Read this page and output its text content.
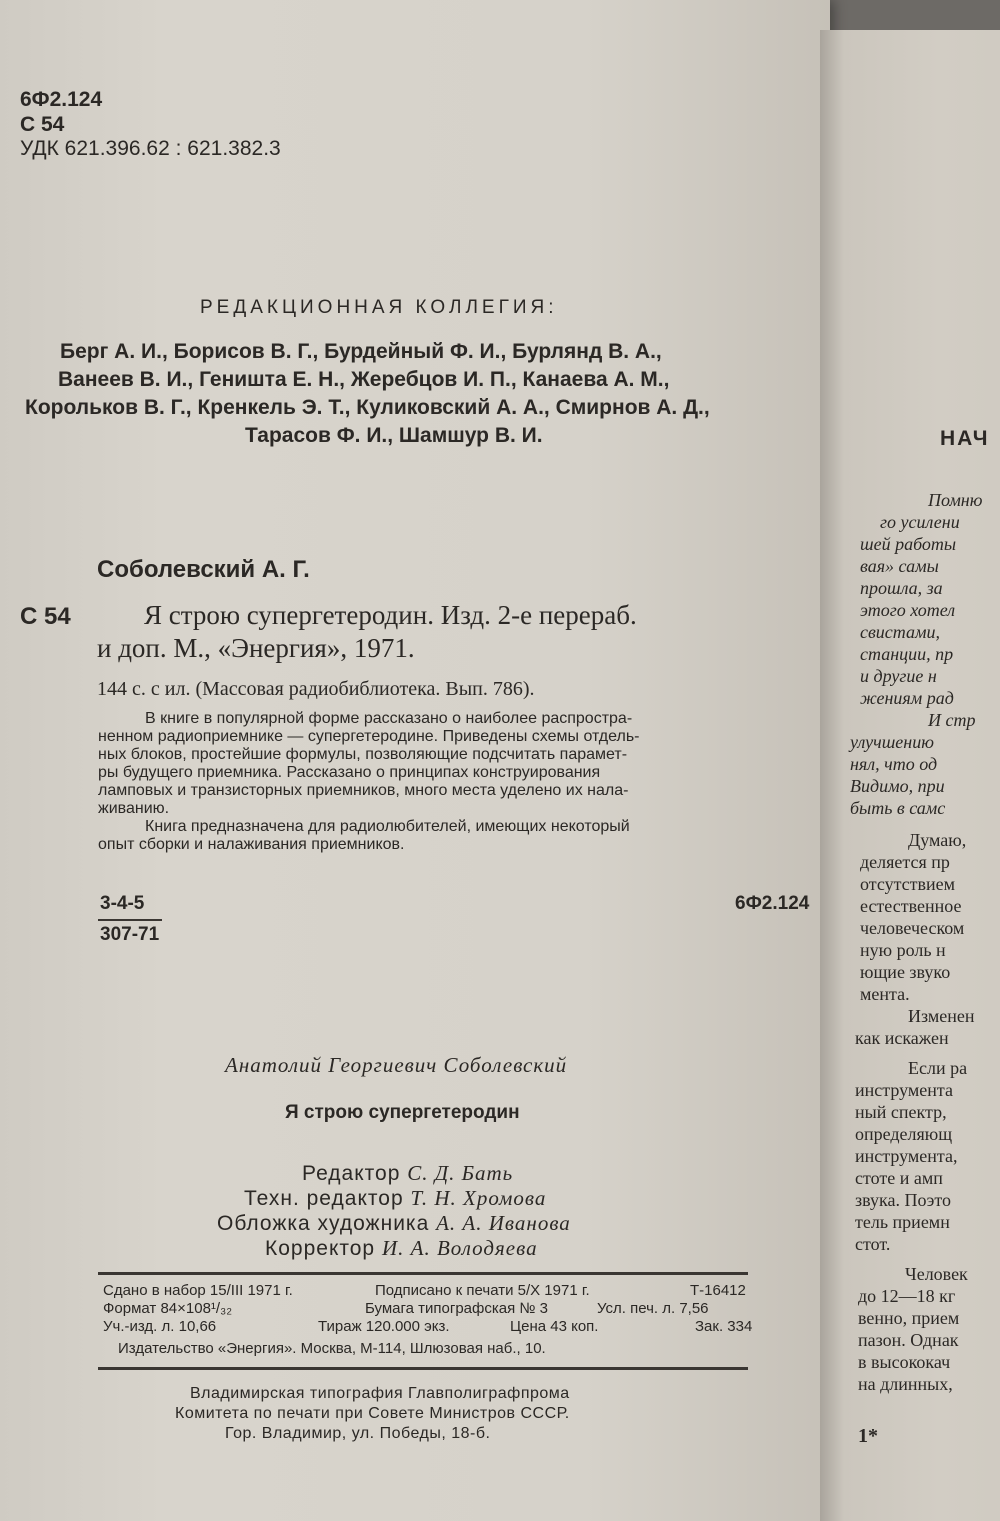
6Ф2.124
С 54
УДК 621.396.62 : 621.382.3
РЕДАКЦИОННАЯ КОЛЛЕГИЯ:
Берг А. И., Борисов В. Г., Бурдейный Ф. И., Бурлянд В. А.,
Ванеев В. И., Геништа Е. Н., Жеребцов И. П., Канаева А. М.,
Корольков В. Г., Кренкель Э. Т., Куликовский А. А., Смирнов А. Д.,
Тарасов Ф. И., Шамшур В. И.
Соболевский А. Г.
С 54	Я строю супергетеродин. Изд. 2-е перераб.
и доп. М., «Энергия», 1971.
144 с. с ил. (Массовая радиобиблиотека. Вып. 786).
В книге в популярной форме рассказано о наиболее распростра-
ненном радиоприемнике — супергетеродине. Приведены схемы отдель-
ных блоков, простейшие формулы, позволяющие подсчитать парамет-
ры будущего приемника. Рассказано о принципах конструирования
ламповых и транзисторных приемников, много места уделено их нала-
живанию.
Книга предназначена для радиолюбителей, имеющих некоторый
опыт сборки и налаживания приемников.
3-4-5
307-71
6Ф2.124
Анатолий Георгиевич Соболевский
Я строю супергетеродин
Редактор С. Д. Бать
Техн. редактор Т. Н. Хромова
Обложка художника А. А. Иванова
Корректор И. А. Володяева
Сдано в набор 15/III 1971 г.	Подписано к печати 5/X 1971 г.	Т-16412
Формат 84×108¹/₃₂	Бумага типографская № 3	Усл. печ. л. 7,56
Уч.-изд. л. 10,66	Тираж 120.000 экз.	Цена 43 коп.	Зак. 334
Издательство «Энергия». Москва, М-114, Шлюзовая наб., 10.
Владимирская типография Главполиграфпрома
Комитета по печати при Совете Министров СССР.
Гор. Владимир, ул. Победы, 18-б.
НАЧ
Помню
го усилени
шей работы
вая» самы
прошла, за
этого хотел
свистами,
станции, пр
и другие н
жениям рад
И стр
улучшению
нял, что од
Видимо, при
быть в самс
Думаю,
деляется пр
отсутствием
естественное
человеческом
ную роль н
ющие звуко
мента.
Изменен
как искажен
Если ра
инструмента
ный спектр,
определяющ
инструмента,
стоте и амп
звука. Поэто
тель приемн
стот.
Человек
до 12—18 кг
венно, прием
пазон. Однак
в высококач
на длинных,
1*
